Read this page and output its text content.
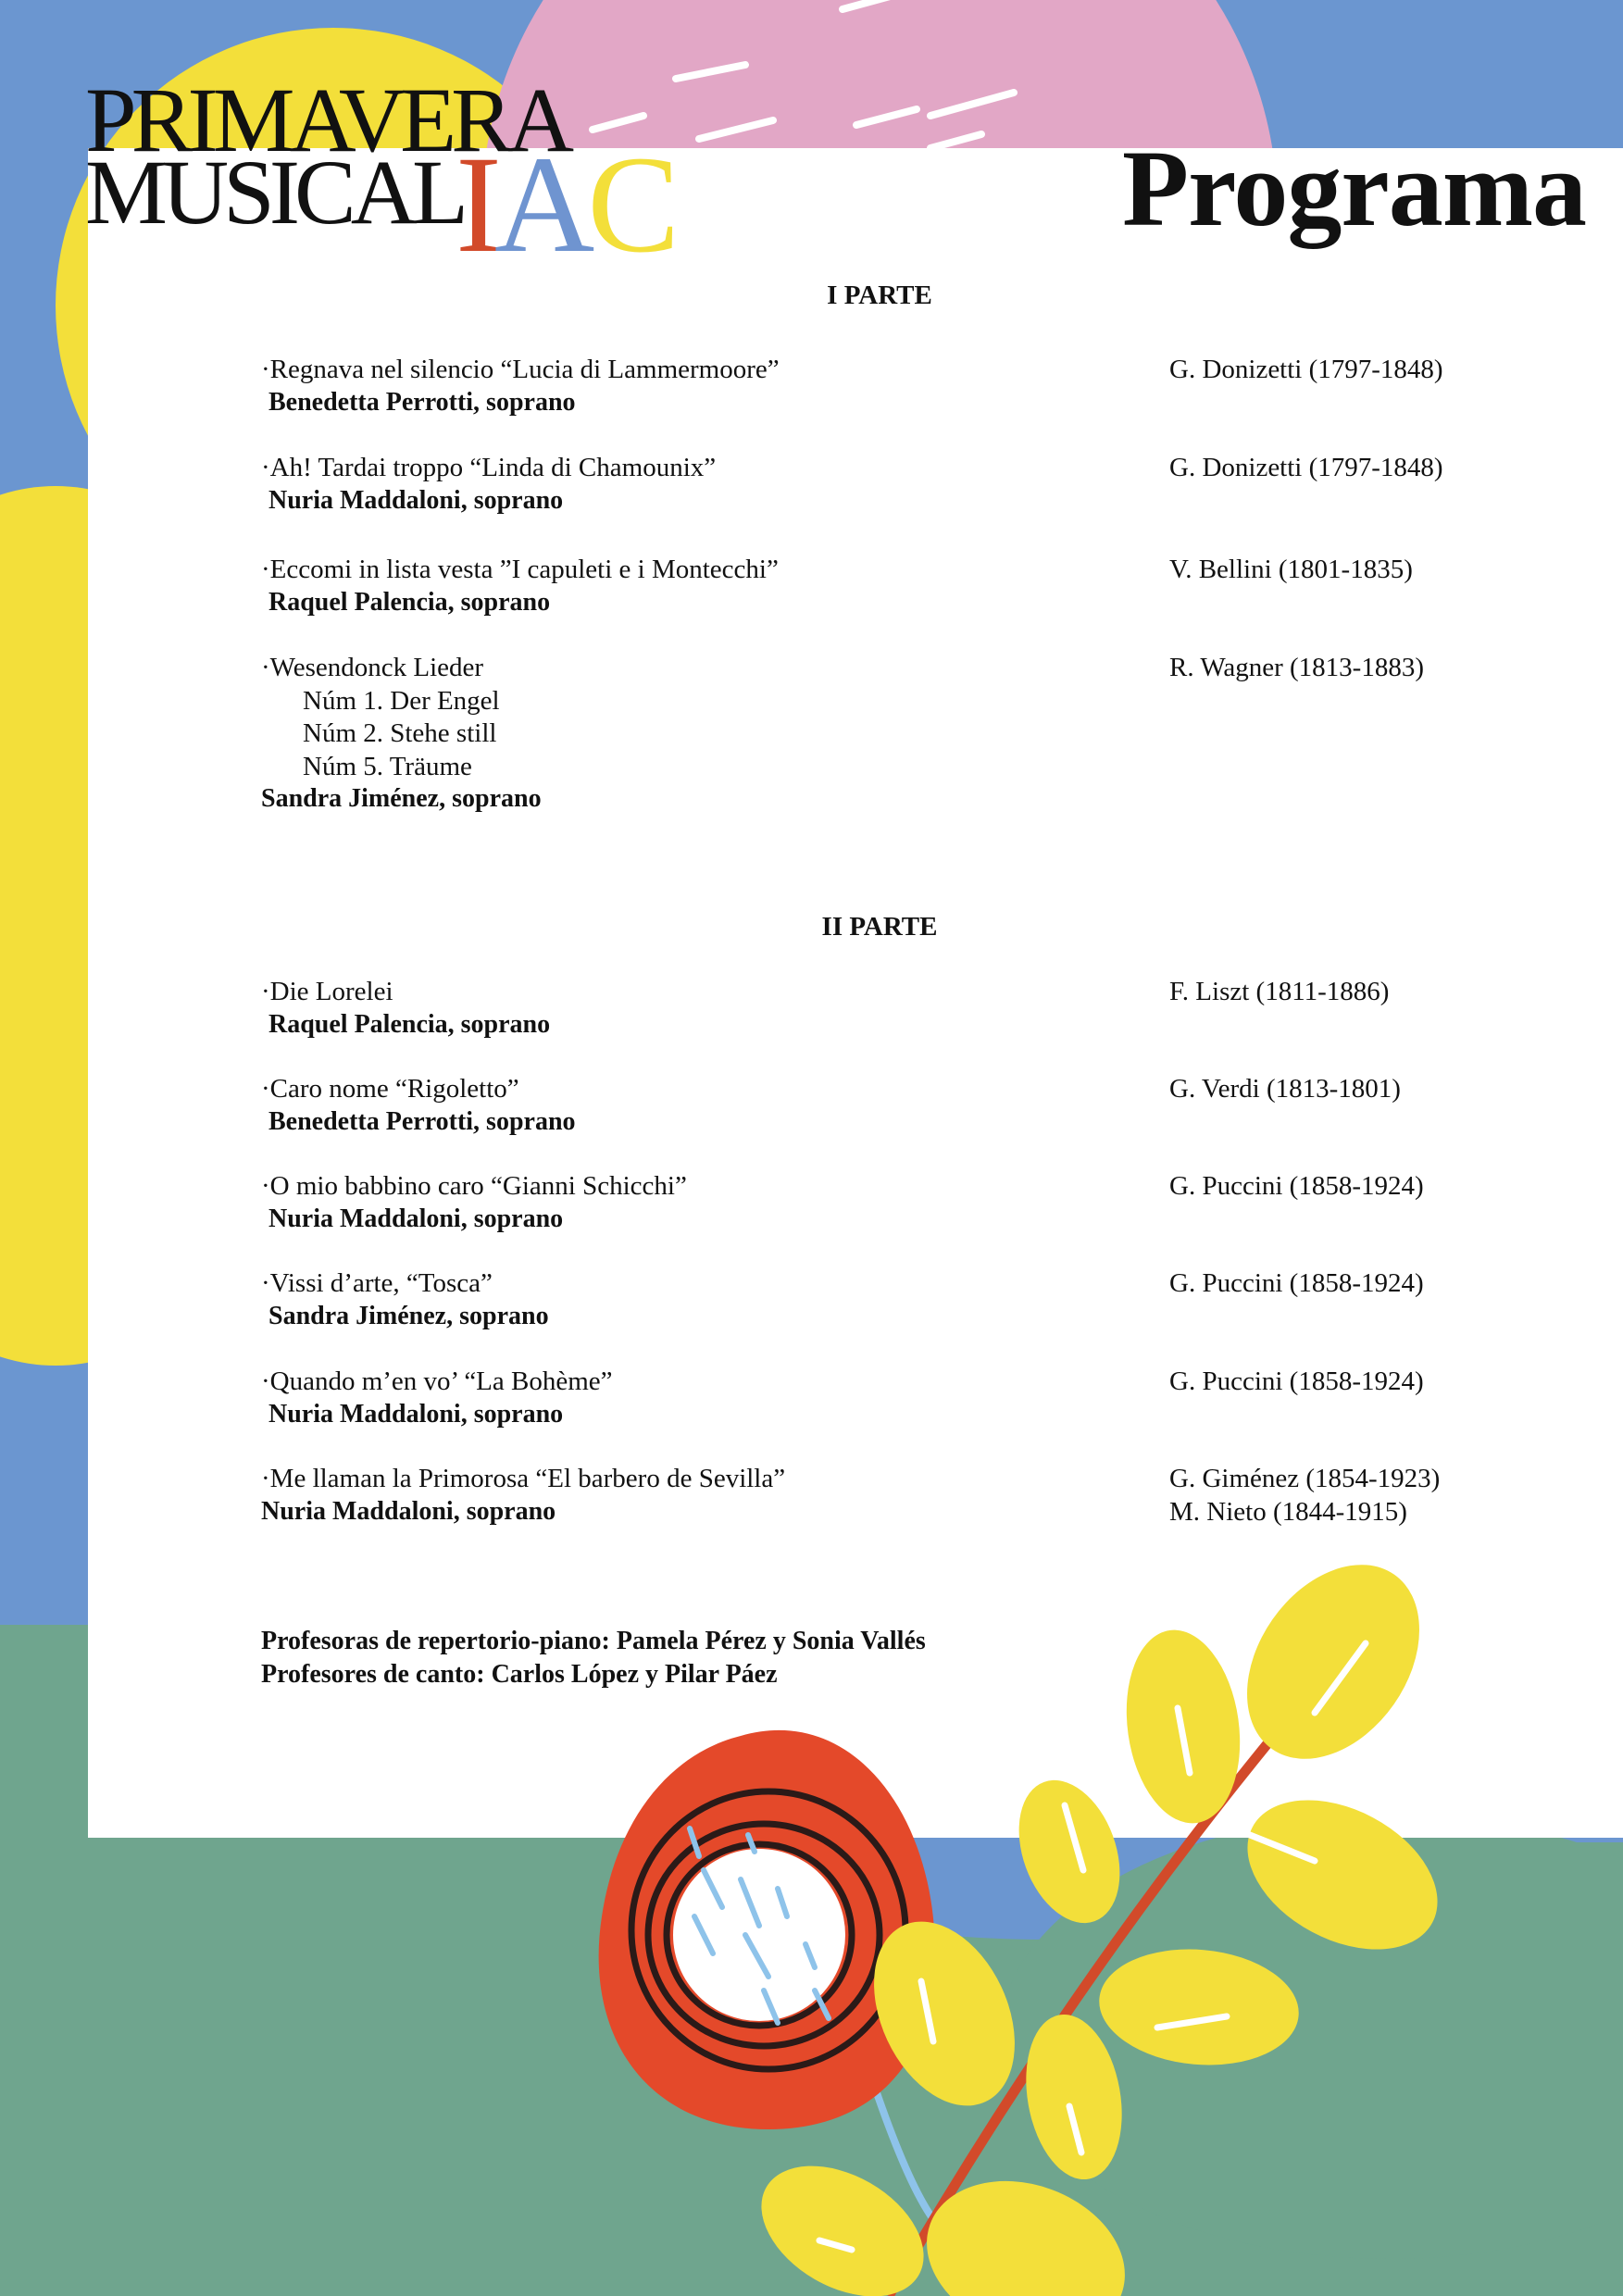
PRIMAVERA
MUSICAL
IAC	Programa
I PARTE
·Regnava nel silencio “Lucia di Lammermoore”
Benedetta Perrotti, soprano
G. Donizetti (1797-1848)
·Ah! Tardai troppo “Linda di Chamounix”
Nuria Maddaloni, soprano
G. Donizetti (1797-1848)
·Eccomi in lista vesta ”I capuleti e i Montecchi”
Raquel Palencia, soprano
V. Bellini (1801-1835)
·Wesendonck Lieder
Núm 1. Der Engel
Núm 2. Stehe still
Núm 5. Träume
Sandra Jiménez, soprano
R. Wagner (1813-1883)
II PARTE
·Die Lorelei
Raquel Palencia, soprano
F. Liszt (1811-1886)
·Caro nome “Rigoletto”
Benedetta Perrotti, soprano
G. Verdi (1813-1801)
·O mio babbino caro “Gianni Schicchi”
Nuria Maddaloni, soprano
G. Puccini (1858-1924)
·Vissi d’arte, “Tosca”
Sandra Jiménez, soprano
G. Puccini (1858-1924)
·Quando m’en vo’ “La Bohème”
Nuria Maddaloni, soprano
G. Puccini (1858-1924)
·Me llaman la Primorosa “El barbero de Sevilla”
Nuria Maddaloni, soprano
G. Giménez (1854-1923)
M. Nieto (1844-1915)
Profesoras de repertorio-piano: Pamela Pérez y Sonia Vallés
Profesores de canto: Carlos López y Pilar Páez
